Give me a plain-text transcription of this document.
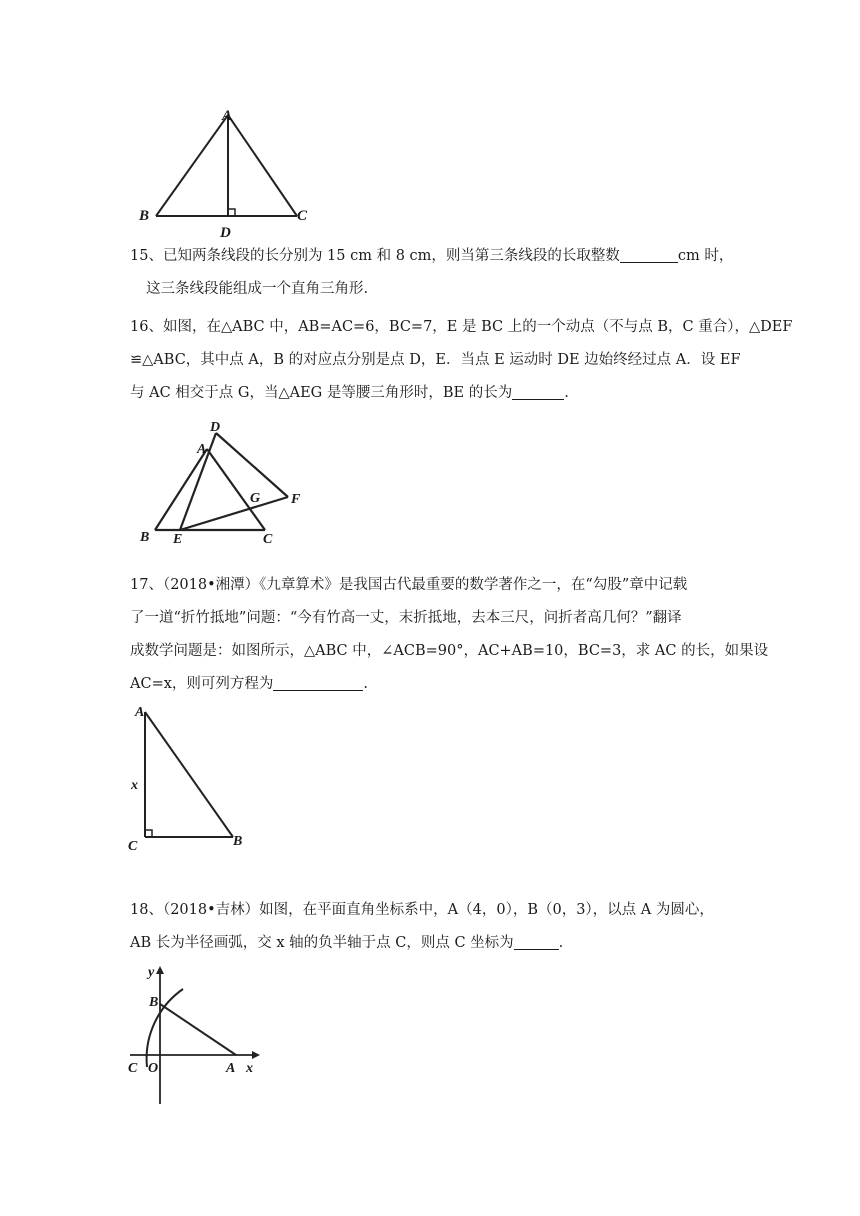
A
B	C
D
15、已知两条线段的长分别为 15 cm 和 8 cm，则当第三条线段的长取整数	cm 时，
这三条线段能组成一个直角三角形.
16、如图，在△ABC 中，AB=AC=6，BC=7，E 是 BC 上的一个动点（不与点 B，C 重合），△DEF
≌△ABC，其中点 A，B 的对应点分别是点 D，E．当点 E 运动时 DE 边始终经过点 A．设 EF
与 AC 相交于点 G，当△AEG 是等腰三角形时，BE 的长为	.
D
A
G F
B E	C
17、（2018•湘潭）《九章算术》是我国古代最重要的数学著作之一，在“勾股”章中记载
了一道“折竹抵地”问题：“今有竹高一丈，末折抵地，去本三尺，问折者高几何？”翻译
成数学问题是：如图所示，△ABC 中，∠ACB=90°，AC+AB=10，BC=3，求 AC 的长，如果设
AC=x，则可列方程为	.
A
x
C	B
18、（2018•吉林）如图，在平面直角坐标系中，A（4，0），B（0，3），以点 A 为圆心，
AB 长为半径画弧，交 x 轴的负半轴于点 C，则点 C 坐标为	.
y
B
C O	A x
